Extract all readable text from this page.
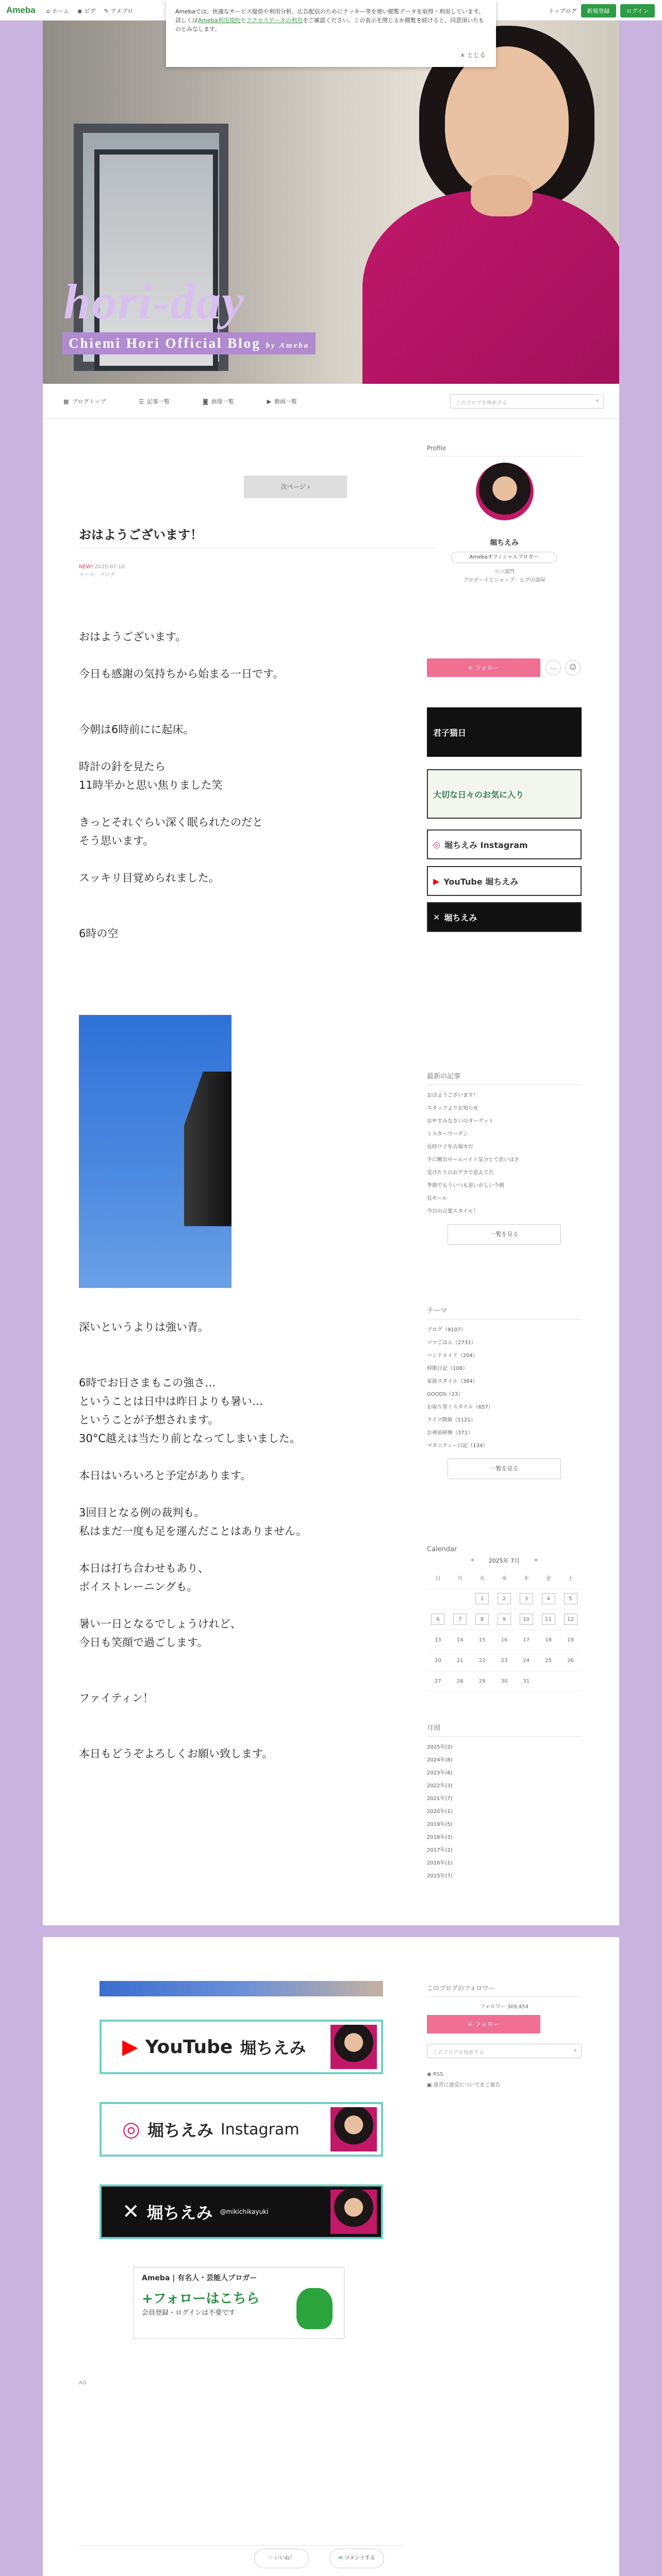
Ameba ⌂ ホーム ◉ ピグ ✎ アメブロ	トップログ	新規登録	ログイン
Amebaでは、快適なサービス提供や利用分析、広告配信のためにクッキー等を使い閲覧データを取得・利用しています。詳しくはAmeba利用規約とアクセスデータの利用をご確認ください。この表示を閉じるか閲覧を続けると、同意頂いたものとみなします。
× とじる
hori-day
Chiemi Hori Official Blog by Ameba
▦ ブログトップ	☰ 記事一覧	◙ 画像一覧	▶ 動画一覧	このブログを検索する	⌕
次ページ ›
おはようございます！
NEW! 2025-07-10
テーマ：ブログ
おはようございます。

今日も感謝の気持ちから始まる一日です。

今朝は6時前にに起床。

時計の針を見たら
11時半かと思い焦りました笑

きっとそれぐらい深く眠られたのだと
そう思います。

スッキリ目覚められました。

6時の空
深いというよりは強い青。

6時でお日さまもこの強さ…
ということは日中は昨日よりも暑い…
ということが予想されます。
30°C越えは当たり前となってしまいました。

本日はいろいろと予定があります。

3回目となる例の裁判も。
私はまだ一度も足を運んだことはありません。

本日は打ち合わせもあり、
ボイストレーニングも。

暑い一日となるでしょうけれど、
今日も笑顔で過ごします。

ファイティン！

本日もどうぞよろしくお願い致します。
Profile
堀ちえみ
Amebaオフィシャルブロガー
ツバ部門
プロボーイとショップ：ヒグの部屋
+ フォロー	…	☺
君子猫日
大切な日々のお気に入り
◎ 堀ちえみ Instagram
▶ YouTube 堀ちえみ
✕ 堀ちえみ
最新の記事
おはようございます！
スタッフよりお知らせ
おやすみなさいのターゲット
ミスターワーデン
長時ワ子年古場市だ
手に酸出中ールバイト気分とて思いほさ
受けたりのおデカで思えてた
季節でもういつも思いがしい今朝
長モール
今日の言葉スタイル！
一覧を見る
テーマ
ブログ（9107）
ママごはん（2731）
ハンドメイド（204）
時節日記（108）
家族スタイル（384）
GOODS（23）
お取り寄ミスタイル（657）
ライフ階級（1121）
お神前研修（371）
マタニティー日記（134）
一覧を見る
Calendar
«	2025年 7月	»
日	月	火	水	木	金	土
		1	2	3	4	5
6	7	8	9	10	11	12
13	14	15	16	17	18	19
20	21	22	23	24	25	26
27	28	29	30	31		
月別
2025年(2)
2024年(8)
2023年(6)
2022年(3)
2021年(7)
2020年(1)
2019年(5)
2018年(3)
2017年(2)
2016年(1)
2015年(7)
▶ YouTube 堀ちえみ
◎ 堀ちえみ Instagram
✕ 堀ちえみ @mikichikayuki
AD
♡ いいね！	✉ コメントする
このブログのフォロワー
フォロワー 309,454
+ フォロー
このブログを検索する	⌕
◉ RSS
▣ 運営に違反についてをご報告
Ameba | 有名人・芸能人ブロガー
+フォローはこちら
会員登録・ログインは不要です
